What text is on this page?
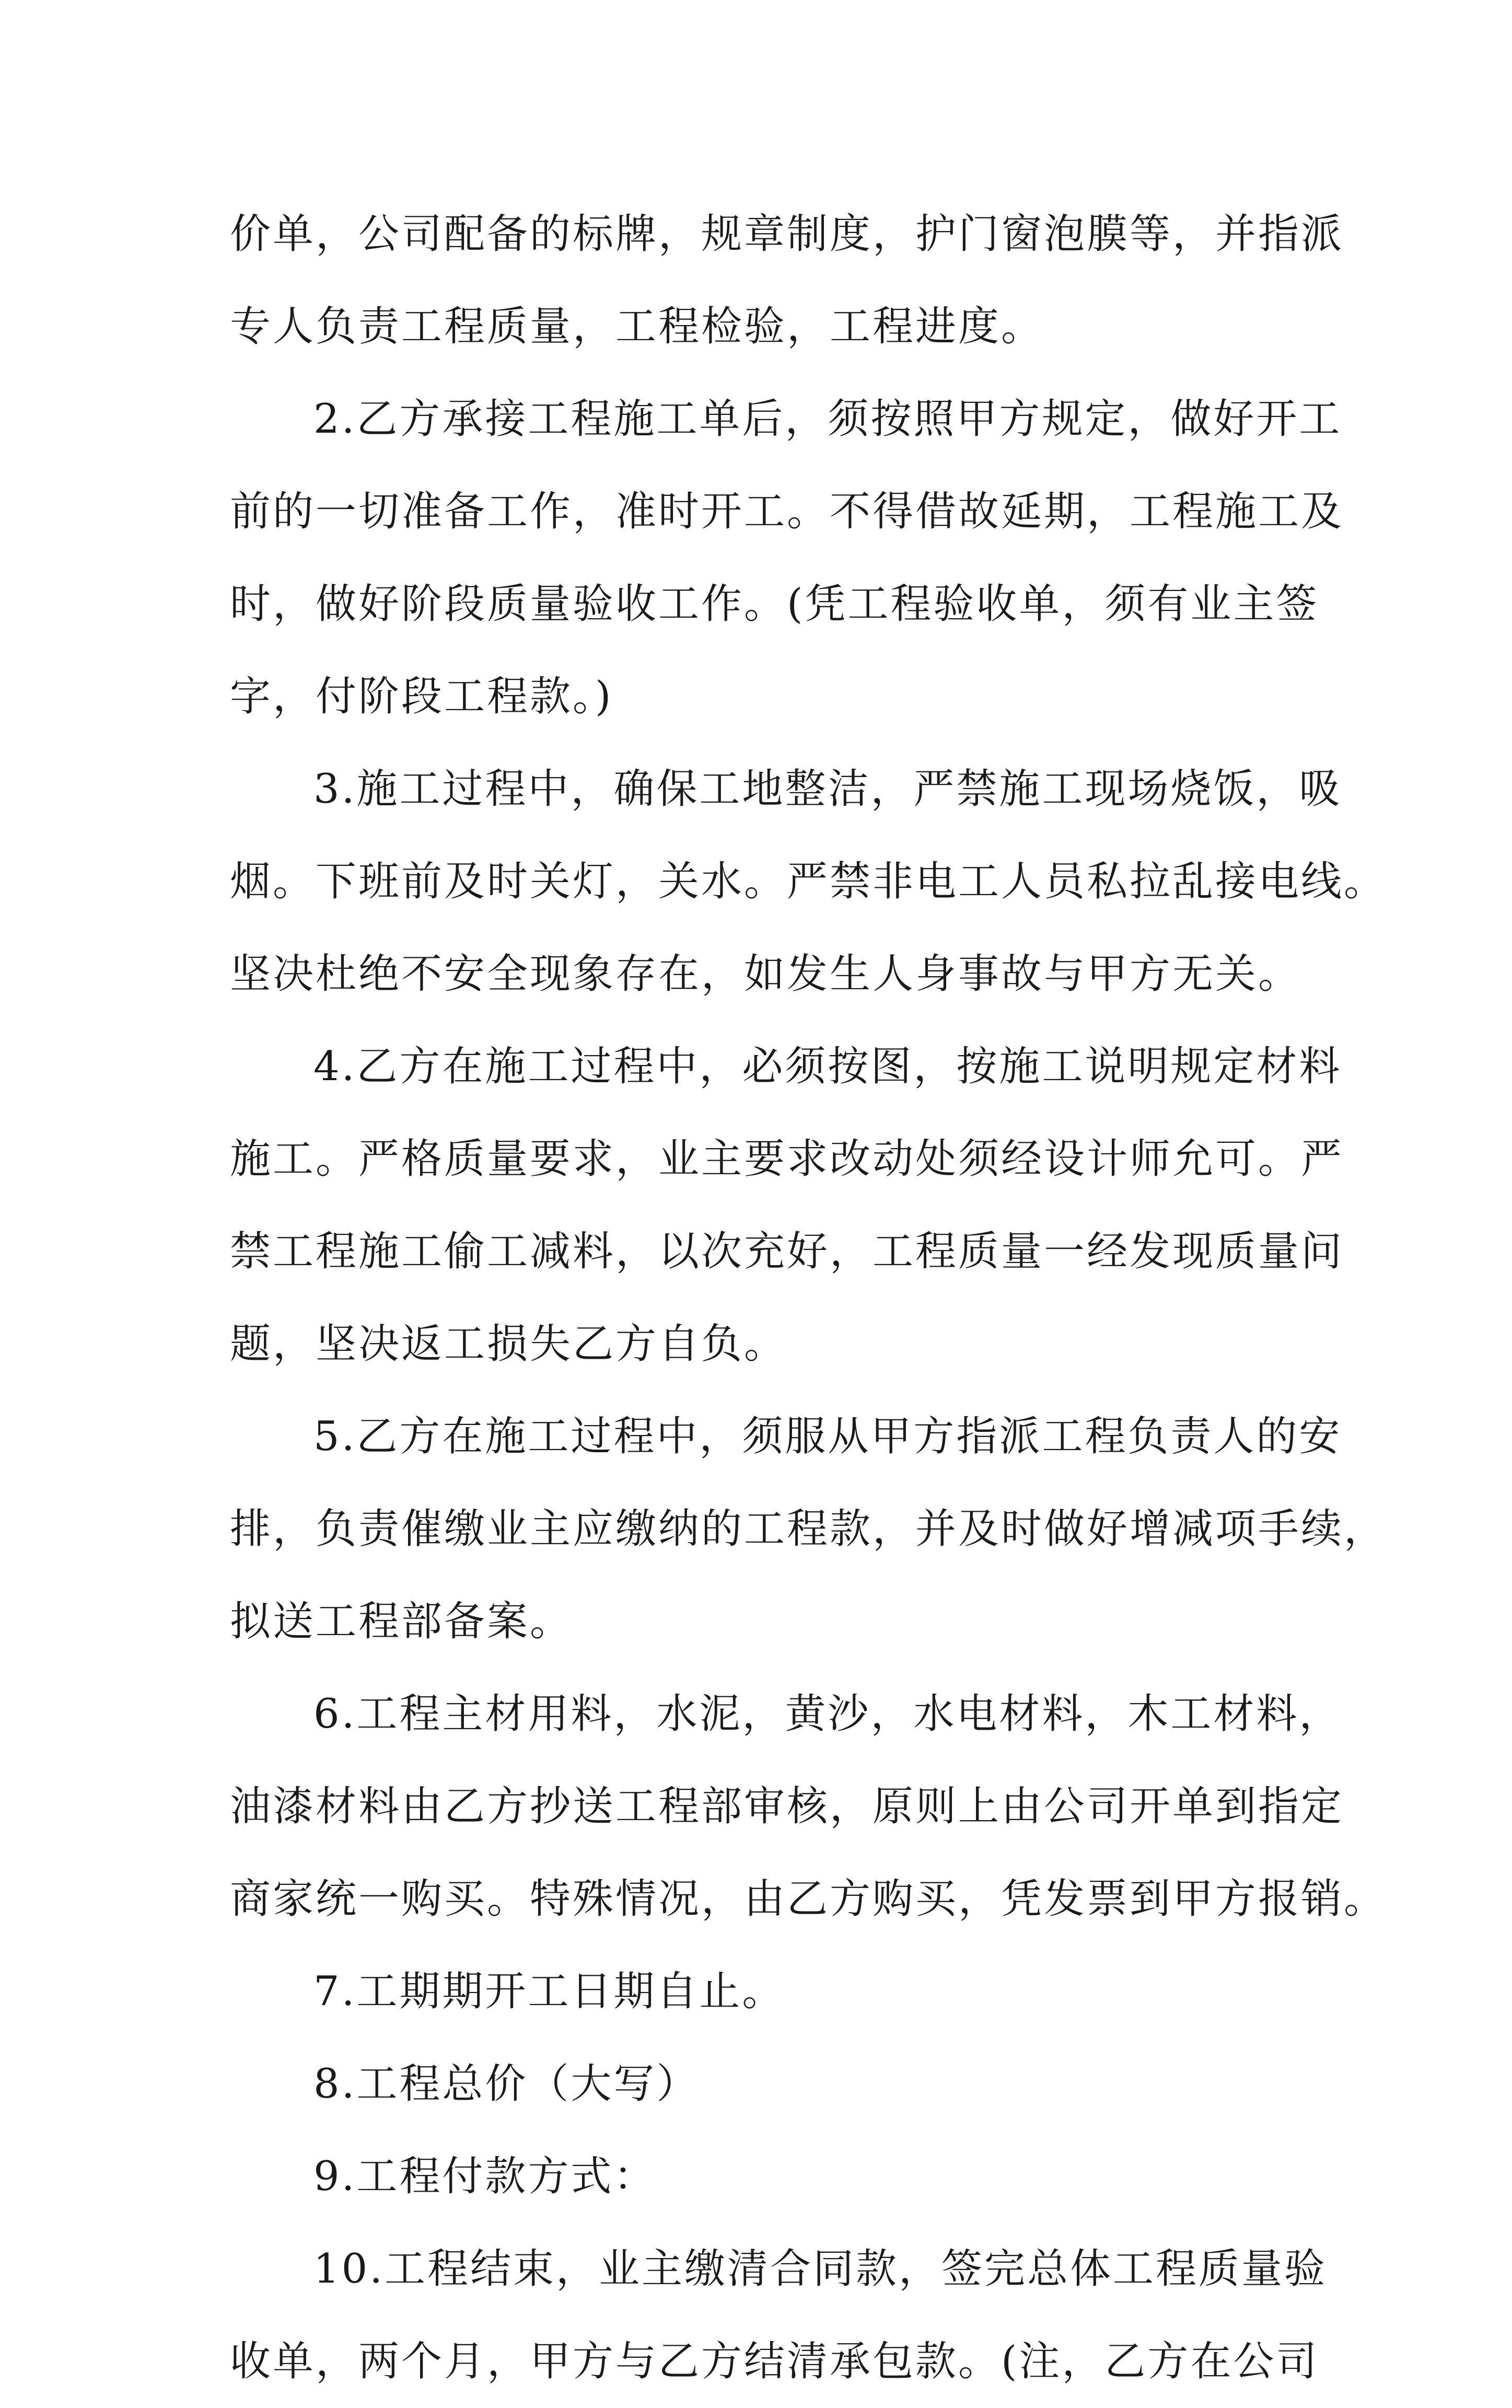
价单，公司配备的标牌，规章制度，护门窗泡膜等，并指派
专人负责工程质量，工程检验，工程进度。
2.乙方承接工程施工单后，须按照甲方规定，做好开工
前的一切准备工作，准时开工。不得借故延期，工程施工及
时，做好阶段质量验收工作。(凭工程验收单，须有业主签
字，付阶段工程款。)
3.施工过程中，确保工地整洁，严禁施工现场烧饭，吸
烟。下班前及时关灯，关水。严禁非电工人员私拉乱接电线。
坚决杜绝不安全现象存在，如发生人身事故与甲方无关。
4.乙方在施工过程中，必须按图，按施工说明规定材料
施工。严格质量要求，业主要求改动处须经设计师允可。严
禁工程施工偷工减料，以次充好，工程质量一经发现质量问
题，坚决返工损失乙方自负。
5.乙方在施工过程中，须服从甲方指派工程负责人的安
排，负责催缴业主应缴纳的工程款，并及时做好增减项手续，
拟送工程部备案。
6.工程主材用料，水泥，黄沙，水电材料，木工材料，
油漆材料由乙方抄送工程部审核，原则上由公司开单到指定
商家统一购买。特殊情况，由乙方购买，凭发票到甲方报销。
7.工期期开工日期自止。
8.工程总价（大写）
9.工程付款方式：
10.工程结束，业主缴清合同款，签完总体工程质量验
收单，两个月，甲方与乙方结清承包款。(注，乙方在公司
